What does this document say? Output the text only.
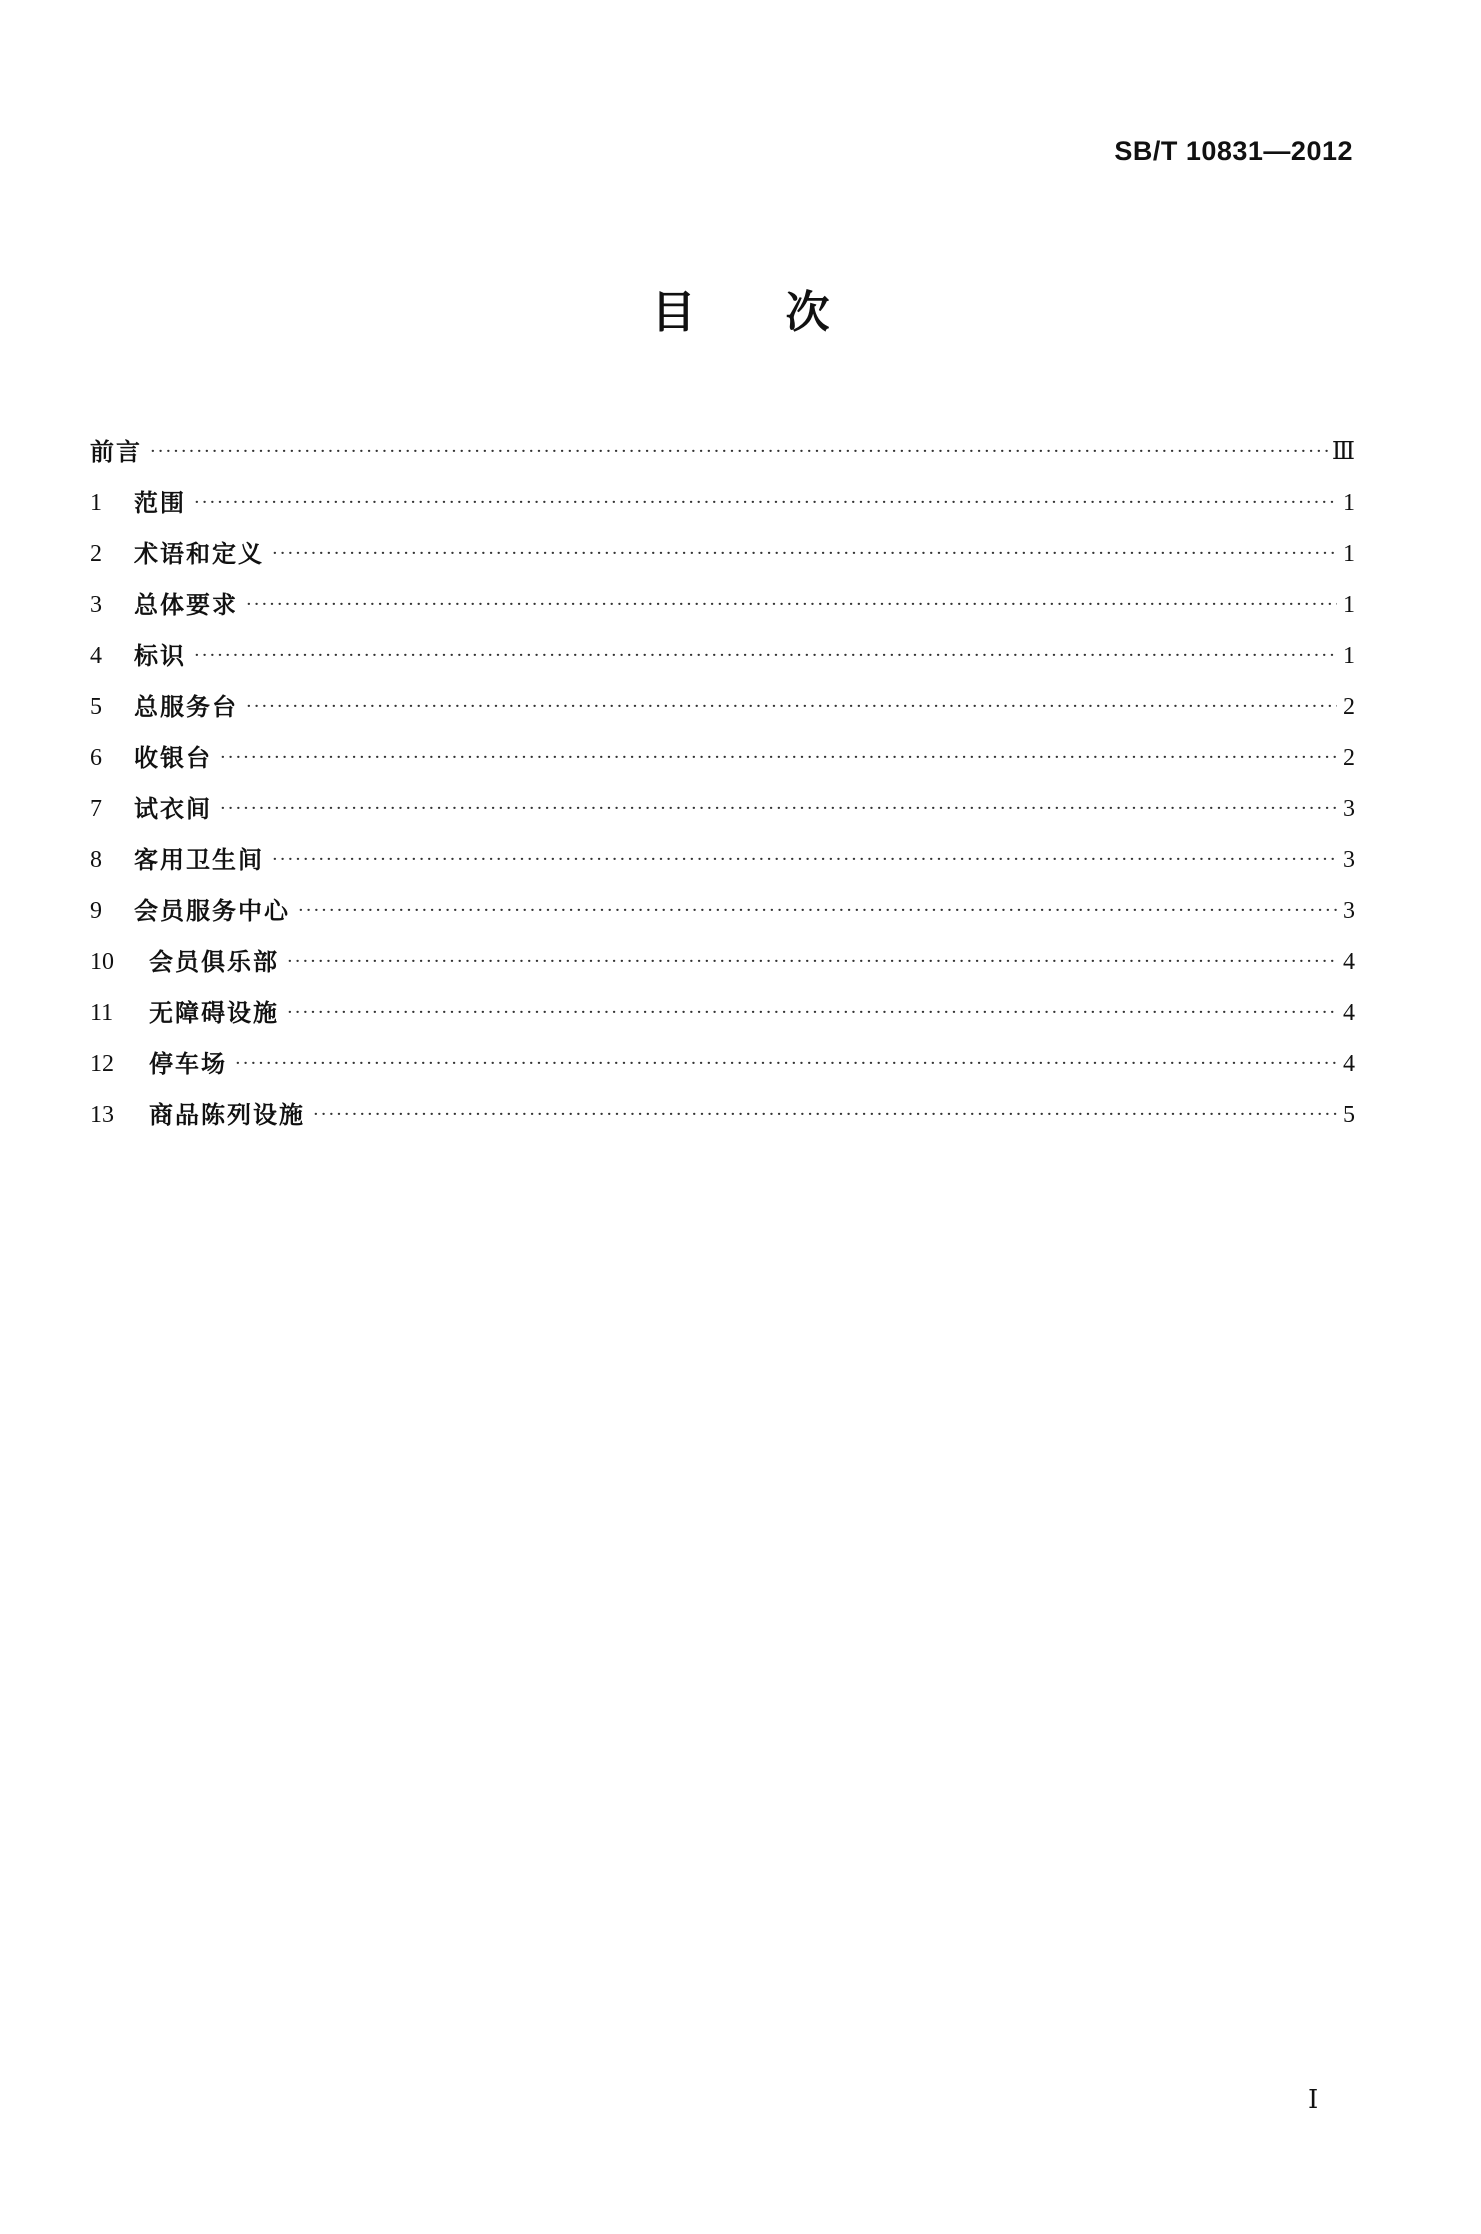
SB/T 10831—2012
目次
前言 ·····	Ⅲ
1	范围 ·····	1
2	术语和定义 ·····	1
3	总体要求 ·····	1
4	标识 ·····	1
5	总服务台 ·····	2
6	收银台 ·····	2
7	试衣间 ·····	3
8	客用卫生间 ·····	3
9	会员服务中心 ·····	3
10	会员俱乐部 ·····	4
11	无障碍设施 ·····	4
12	停车场 ·····	4
13	商品陈列设施 ·····	5
Ⅰ
